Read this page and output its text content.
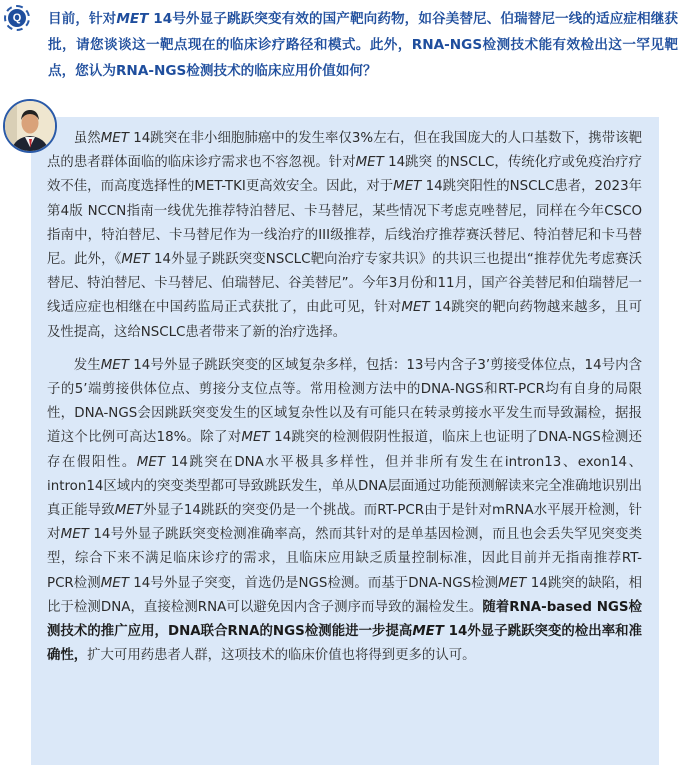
Q	目前，针对MET 14号外显子跳跃突变有效的国产靶向药物，如谷美替尼、伯瑞替尼一线的适应症相继获批，请您谈谈这一靶点现在的临床诊疗路径和模式。此外，RNA-NGS检测技术能有效检出这一罕见靶点，您认为RNA-NGS检测技术的临床应用价值如何？

虽然MET 14跳突在非小细胞肺癌中的发生率仅3%左右，但在我国庞大的人口基数下，携带该靶点的患者群体面临的临床诊疗需求也不容忽视。针对MET 14跳突 的NSCLC，传统化疗或免疫治疗疗效不佳，而高度选择性的MET-TKI更高效安全。因此，对于MET 14跳突阳性的NSCLC患者，2023年第4版 NCCN指南一线优先推荐特泊替尼、卡马替尼，某些情况下考虑克唑替尼，同样在今年CSCO指南中，特泊替尼、卡马替尼作为一线治疗的III级推荐，后线治疗推荐赛沃替尼、特泊替尼和卡马替尼。此外，《MET 14外显子跳跃突变NSCLC靶向治疗专家共识》的共识三也提出“推荐优先考虑赛沃替尼、特泊替尼、卡马替尼、伯瑞替尼、谷美替尼”。今年3月份和11月，国产谷美替尼和伯瑞替尼一线适应症也相继在中国药监局正式获批了，由此可见，针对MET 14跳突的靶向药物越来越多，且可及性提高，这给NSCLC患者带来了新的治疗选择。

发生MET 14号外显子跳跃突变的区域复杂多样，包括：13号内含子3’剪接受体位点，14号内含子的5’端剪接供体位点、剪接分支位点等。常用检测方法中的DNA-NGS和RT-PCR均有自身的局限性，DNA-NGS会因跳跃突变发生的区域复杂性以及有可能只在转录剪接水平发生而导致漏检，据报道这个比例可高达18%。除了对MET 14跳突的检测假阴性报道，临床上也证明了DNA-NGS检测还存在假阳性。MET 14跳突在DNA水平极具多样性，但并非所有发生在intron13、exon14、intron14区域内的突变类型都可导致跳跃发生，单从DNA层面通过功能预测解读来完全准确地识别出真正能导致MET外显子14跳跃的突变仍是一个挑战。而RT-PCR由于是针对mRNA水平展开检测，针对MET 14号外显子跳跃突变检测准确率高，然而其针对的是单基因检测，而且也会丢失罕见突变类型，综合下来不满足临床诊疗的需求，且临床应用缺乏质量控制标准，因此目前并无指南推荐RT-PCR检测MET 14号外显子突变，首选仍是NGS检测。而基于DNA-NGS检测MET 14跳突的缺陷，相比于检测DNA，直接检测RNA可以避免因内含子测序而导致的漏检发生。随着RNA-based NGS检测技术的推广应用，DNA联合RNA的NGS检测能进一步提高MET 14外显子跳跃突变的检出率和准确性，扩大可用药患者人群，这项技术的临床价值也将得到更多的认可。
